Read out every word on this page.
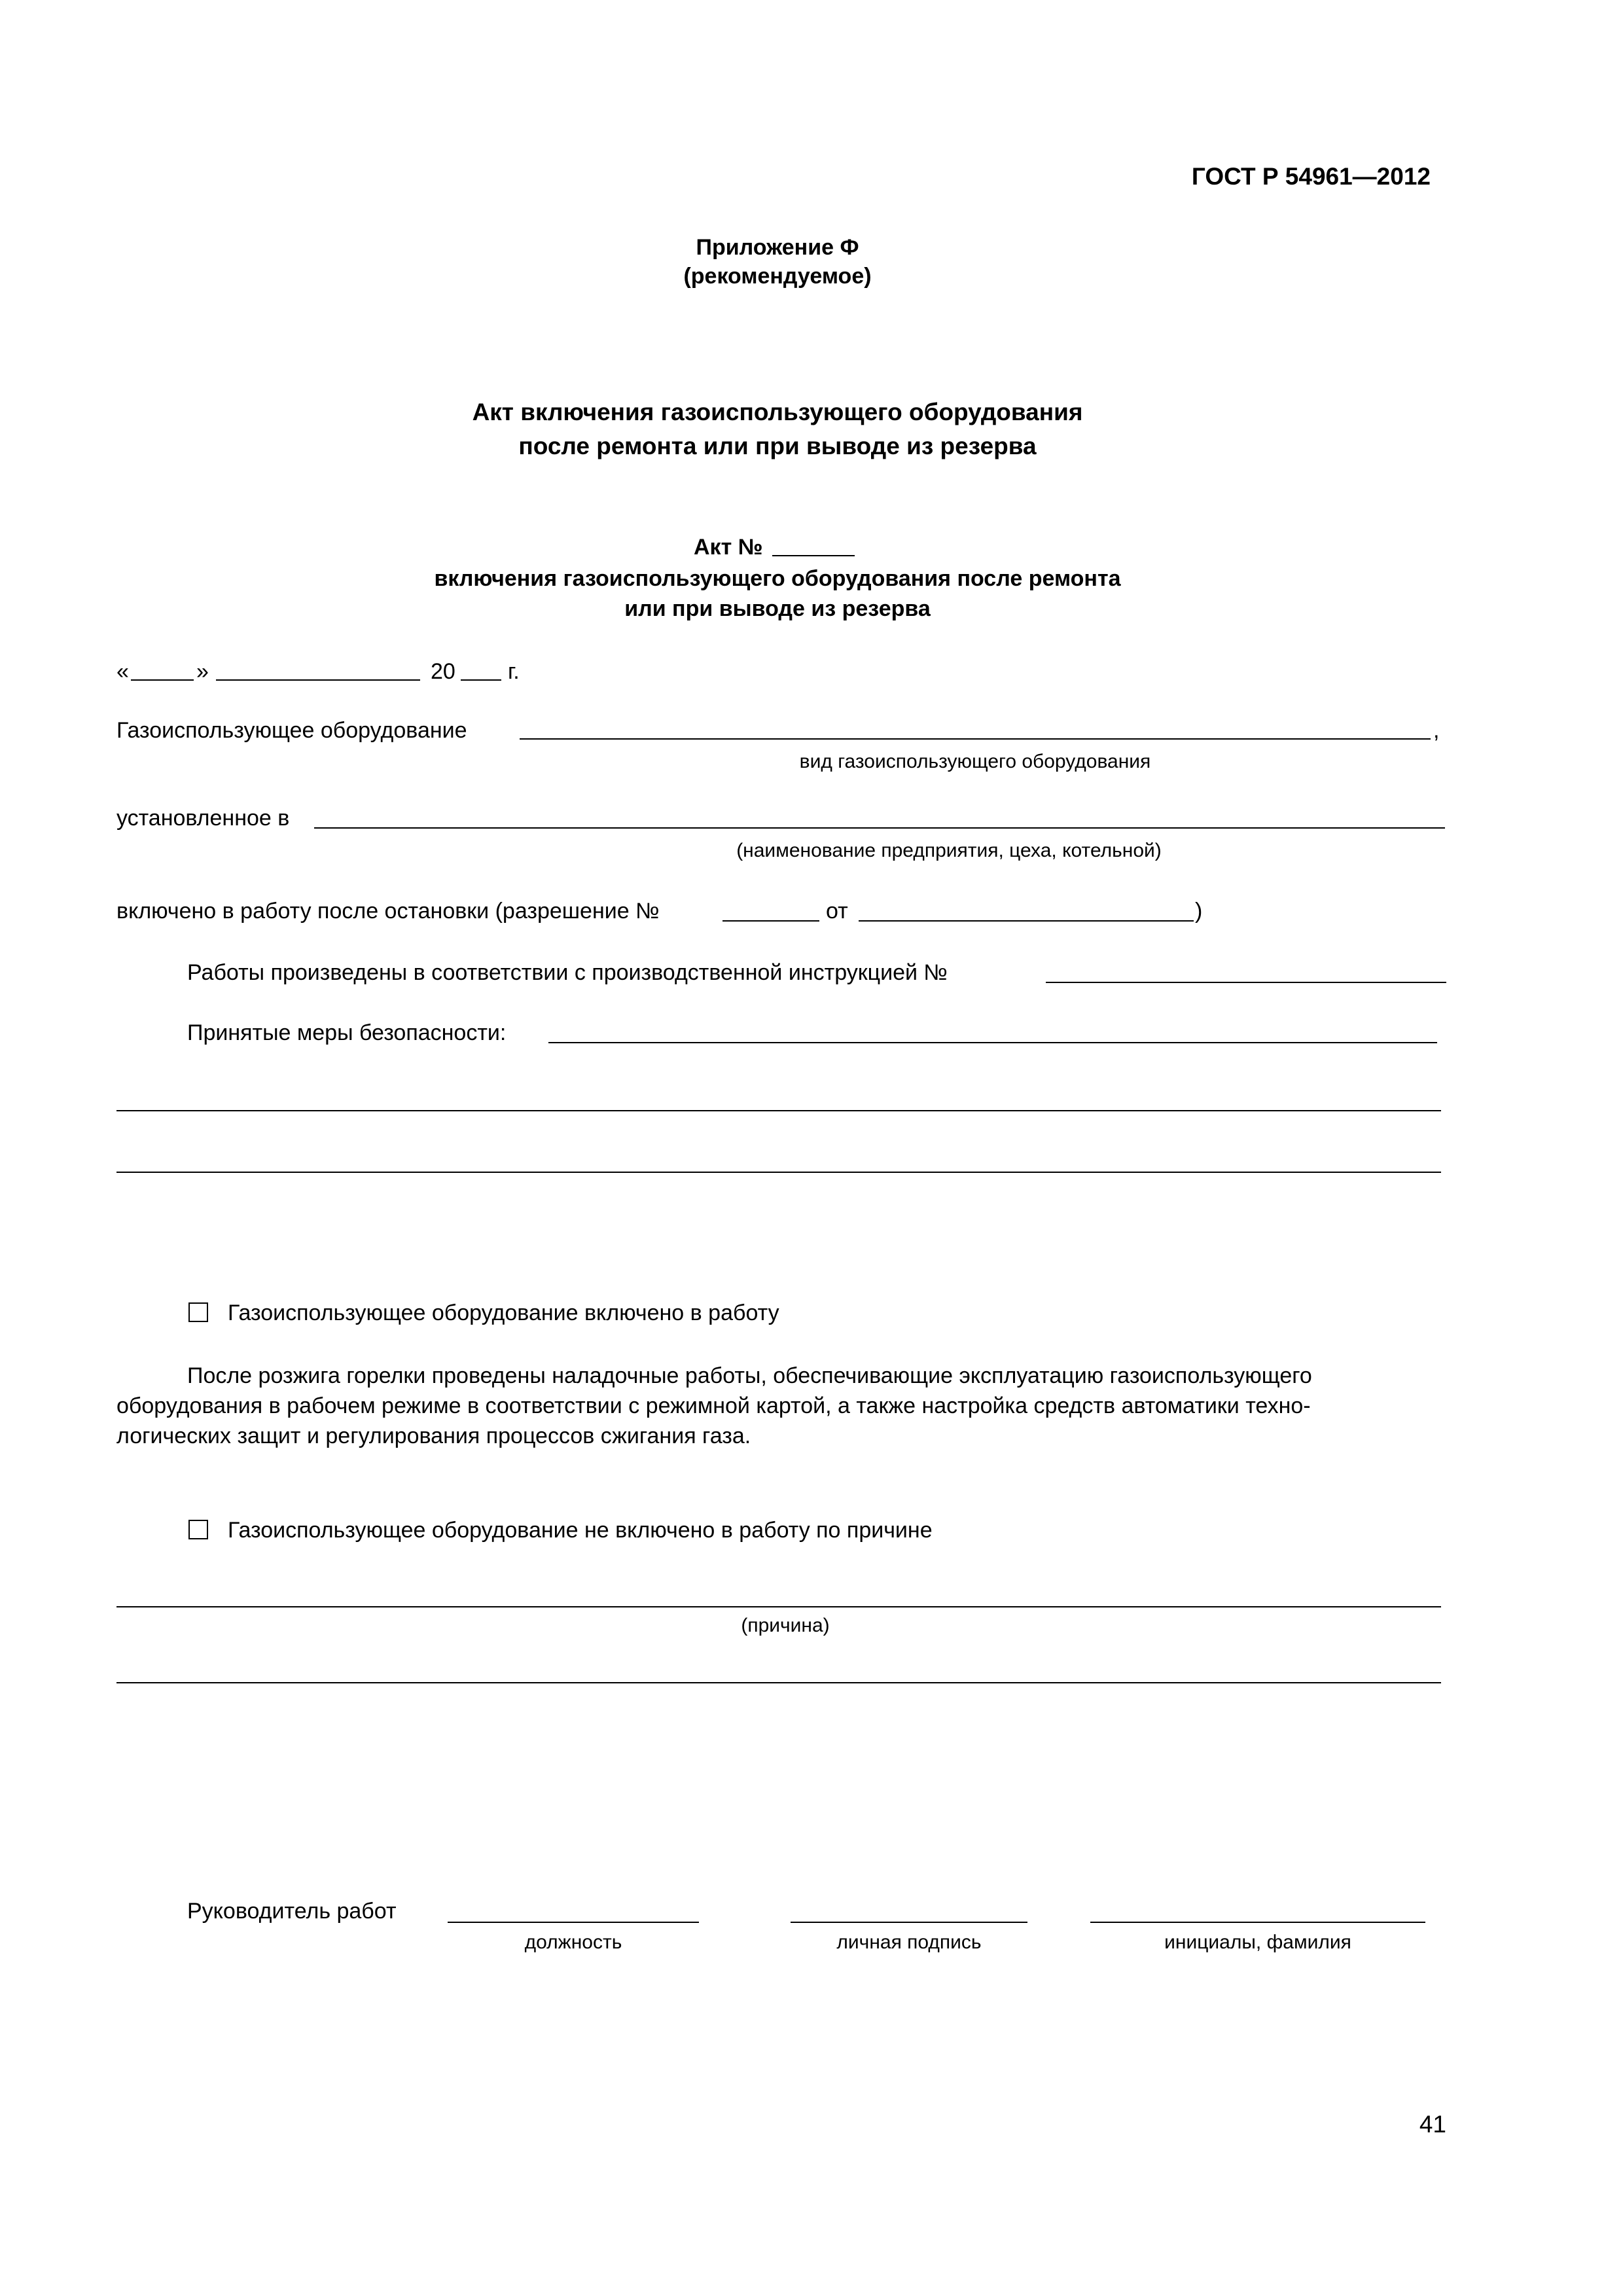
ГОСТ Р 54961—2012
Приложение Ф
(рекомендуемое)
Акт включения газоиспользующего оборудования
после ремонта или при выводе из резерва
Акт №
включения газоиспользующего оборудования после ремонта
или при выводе из резерва
«	»	20 г.
Газоиспользующее оборудование	,
вид газоиспользующего оборудования
установленное в
(наименование предприятия, цеха, котельной)
включено в работу после остановки (разрешение №	от	)
Работы произведены в соответствии с производственной инструкцией №
Принятые меры безопасности:
Газоиспользующее оборудование включено в работу
После розжига горелки проведены наладочные работы, обеспечивающие эксплуатацию газоиспользующего
оборудования в рабочем режиме в соответствии с режимной картой, а также настройка средств автоматики техно-
логических защит и регулирования процессов сжигания газа.
Газоиспользующее оборудование не включено в работу по причине
(причина)
Руководитель работ
должность	личная подпись	инициалы, фамилия
41
